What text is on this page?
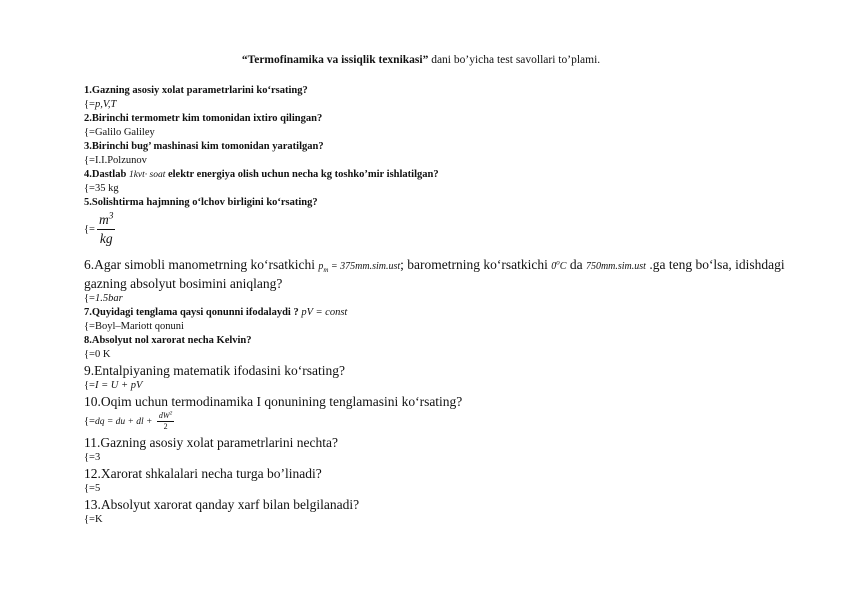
“Termofinamika va issiqlik texnikasi” dani bo’yicha test savollari to’plami.
1.Gazning asosiy xolat parametrlarini ko‘rsating?
{=p,V,T
2.Birinchi termometr kim tomonidan ixtiro qilingan?
{=Galilo Galiley
3.Birinchi bug’ mashinasi kim tomonidan yaratilgan?
{=I.I.Polzunov
4.Dastlab 1kvt· soat elektr energiya olish uchun necha kg toshko’mir ishlatilgan?
{=35 kg
5.Solishtirma hajmning o‘lchov birligini ko‘rsating?
{= $\frac{m^3}{kg}$
6.Agar simobli manometrning ko‘rsatkichi $p_m = 375mm.sim.ust$; barometrning ko‘rsatkichi 0$^o$C da 750mm.sim.ust .ga teng bo‘lsa, idishdagi gazning absolyut bosimini aniqlang?
{=1.5bar
7.Quyidagi tenglama qaysi qonunni ifodalaydi ? pV = const
{=Boyl–Mariott qonuni
8.Absolyut nol xarorat necha Kelvin?
{=0 K
9.Entalpiyaning matematik ifodasini ko‘rsating?
{=I = U + pV
10.Oqim uchun termodinamika I qonunining tenglamasini ko‘rsating?
{=dq = du + dl + $\frac{dW^2}{2}$
11.Gazning asosiy xolat parametrlarini nechta?
{=3
12.Xarorat shkalalari necha turga bo’linadi?
{=5
13.Absolyut xarorat qanday xarf bilan belgilanadi?
{=K
